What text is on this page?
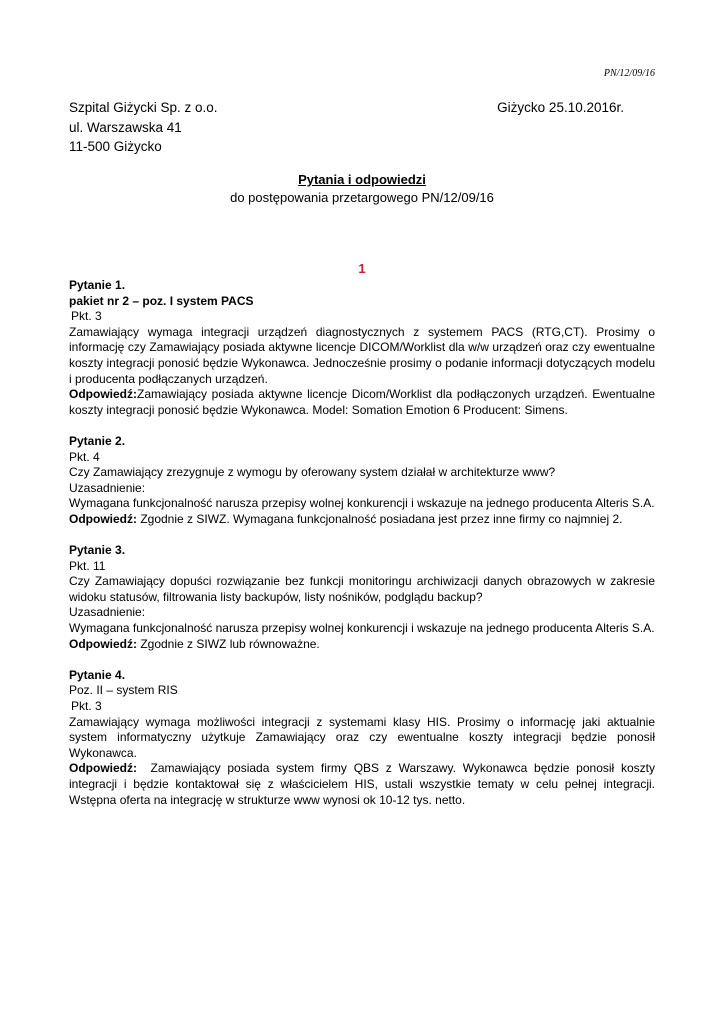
PN/12/09/16
Szpital Giżycki Sp. z o.o.
ul. Warszawska 41
11-500 Giżycko
Giżycko 25.10.2016r.
Pytania i odpowiedzi
do postępowania przetargowego PN/12/09/16
1
Pytanie 1.
pakiet nr 2 – poz. I system PACS
Pkt. 3
Zamawiający wymaga integracji urządzeń diagnostycznych z systemem PACS (RTG,CT). Prosimy o informację czy Zamawiający posiada aktywne licencje DICOM/Worklist dla w/w urządzeń oraz czy ewentualne koszty integracji ponosić będzie Wykonawca. Jednocześnie prosimy o podanie informacji dotyczących modelu i producenta podłączanych urządzeń.
Odpowiedź:Zamawiający posiada aktywne licencje Dicom/Worklist dla podłączonych urządzeń. Ewentualne koszty integracji ponosić będzie Wykonawca. Model: Somation Emotion 6 Producent: Simens.
Pytanie 2.
Pkt. 4
Czy Zamawiający zrezygnuje z wymogu by oferowany system działał w architekturze www?
Uzasadnienie:
Wymagana funkcjonalność narusza przepisy wolnej konkurencji i wskazuje na jednego producenta Alteris S.A.
Odpowiedź: Zgodnie z SIWZ. Wymagana funkcjonalność posiadana jest przez inne firmy co najmniej 2.
Pytanie 3.
Pkt. 11
Czy Zamawiający dopuści rozwiązanie bez funkcji monitoringu archiwizacji danych obrazowych w zakresie widoku statusów, filtrowania listy backupów, listy nośników, podglądu backup?
Uzasadnienie:
Wymagana funkcjonalność narusza przepisy wolnej konkurencji i wskazuje na jednego producenta Alteris S.A.
Odpowiedź: Zgodnie z SIWZ lub równoważne.
Pytanie 4.
Poz. II – system RIS
Pkt. 3
Zamawiający wymaga możliwości integracji z systemami klasy HIS. Prosimy o informację jaki aktualnie system informatyczny użytkuje Zamawiający oraz czy ewentualne koszty integracji będzie ponosił Wykonawca.
Odpowiedź:  Zamawiający posiada system firmy QBS z Warszawy. Wykonawca będzie ponosił koszty integracji i będzie kontaktował się z właścicielem HIS, ustali wszystkie tematy w celu pełnej integracji. Wstępna oferta na integrację w strukturze www wynosi ok 10-12 tys. netto.
